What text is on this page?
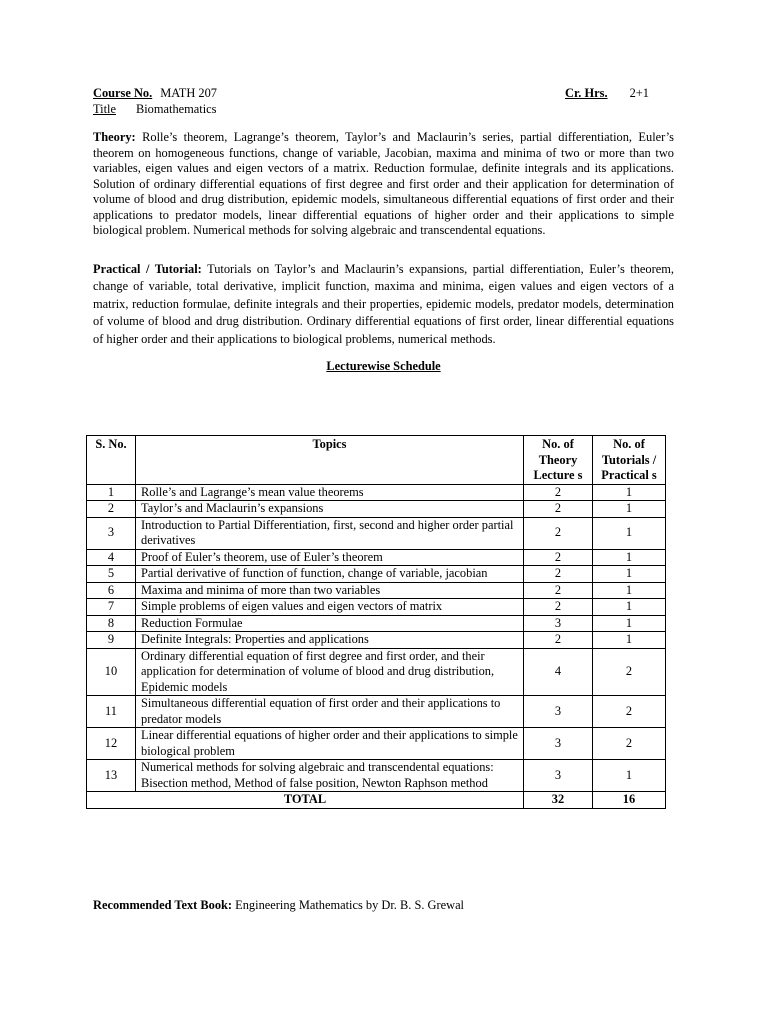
Course No. MATH 207	Cr. Hrs. 2+1
Title Biomathematics

Theory: Rolle’s theorem, Lagrange’s theorem, Taylor’s and Maclaurin’s series, partial differentiation, Euler’s theorem on homogeneous functions, change of variable, Jacobian, maxima and minima of two or more than two variables, eigen values and eigen vectors of a matrix. Reduction formulae, definite integrals and its applications. Solution of ordinary differential equations of first degree and first order and their application for determination of volume of blood and drug distribution, epidemic models, simultaneous differential equations of first order and their applications to predator models, linear differential equations of higher order and their applications to simple biological problem. Numerical methods for solving algebraic and transcendental equations.

Practical / Tutorial: Tutorials on Taylor’s and Maclaurin’s expansions, partial differentiation, Euler’s theorem, change of variable, total derivative, implicit function, maxima and minima, eigen values and eigen vectors of a matrix, reduction formulae, definite integrals and their properties, epidemic models, predator models, determination of volume of blood and drug distribution. Ordinary differential equations of first order, linear differential equations of higher order and their applications to biological problems, numerical methods.

Lecturewise Schedule
S. No.	Topics	No. of Theory Lecture s	No. of Tutorials / Practical s
1	Rolle’s and Lagrange’s mean value theorems	2	1
2	Taylor’s and Maclaurin’s expansions	2	1
3	Introduction to Partial Differentiation, first, second and higher order partial derivatives	2	1
4	Proof of Euler’s theorem, use of Euler’s theorem	2	1
5	Partial derivative of function of function, change of variable, jacobian	2	1
6	Maxima and minima of more than two variables	2	1
7	Simple problems of eigen values and eigen vectors of matrix	2	1
8	Reduction Formulae	3	1
9	Definite Integrals: Properties and applications	2	1
10	Ordinary differential equation of first degree and first order, and their application for determination of volume of blood and drug distribution, Epidemic models	4	2
11	Simultaneous differential equation of first order and their applications to predator models	3	2
12	Linear differential equations of higher order and their applications to simple biological problem	3	2
13	Numerical methods for solving algebraic and transcendental equations: Bisection method, Method of false position, Newton Raphson method	3	1
TOTAL		32	16
Recommended Text Book: Engineering Mathematics by Dr. B. S. Grewal
